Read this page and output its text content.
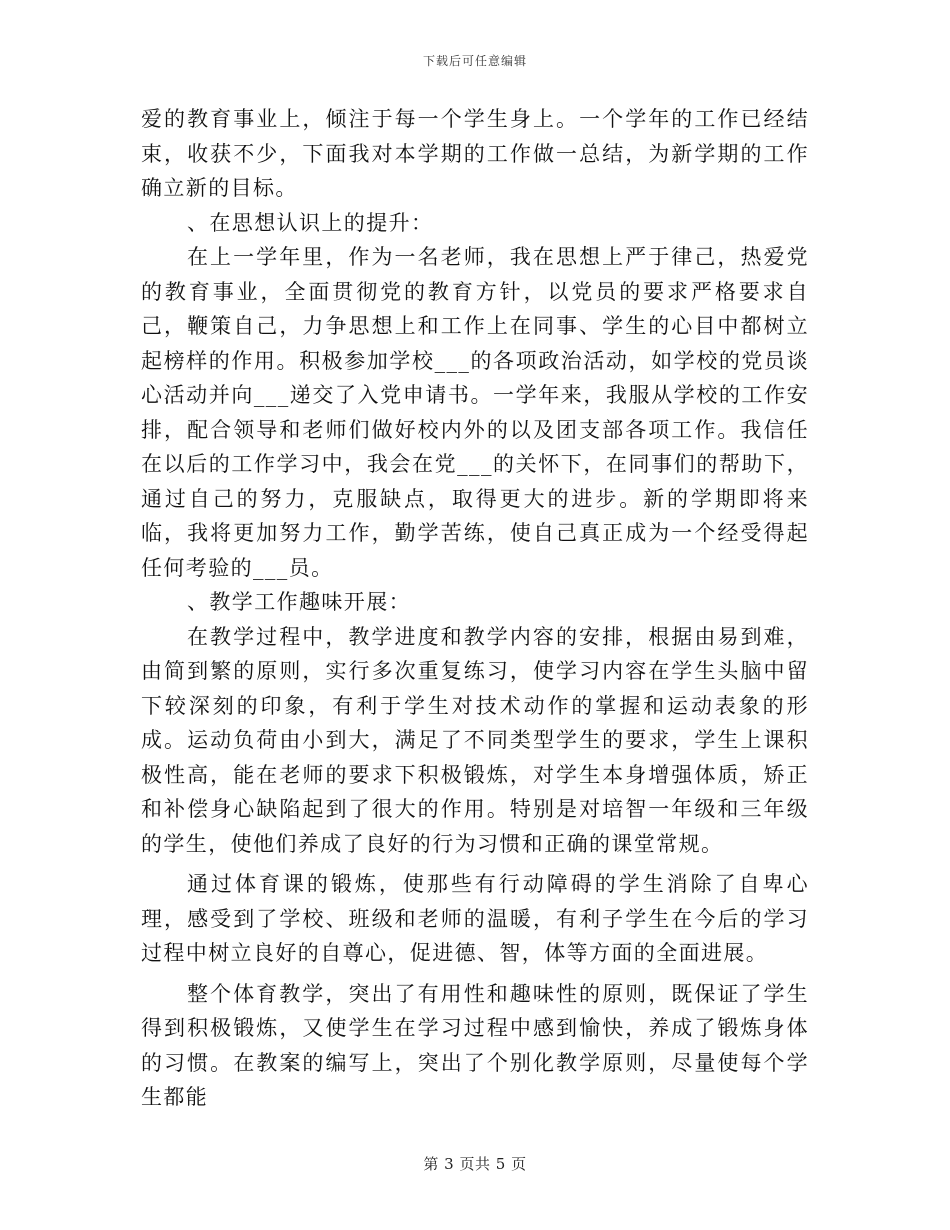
下载后可任意编辑

爱的教育事业上，倾注于每一个学生身上。一个学年的工作已经结束，收获不少，下面我对本学期的工作做一总结，为新学期的工作确立新的目标。

、在思想认识上的提升：

在上一学年里，作为一名老师，我在思想上严于律己，热爱党的教育事业，全面贯彻党的教育方针，以党员的要求严格要求自己，鞭策自己，力争思想上和工作上在同事、学生的心目中都树立起榜样的作用。积极参加学校___的各项政治活动，如学校的党员谈心活动并向___递交了入党申请书。一学年来，我服从学校的工作安排，配合领导和老师们做好校内外的以及团支部各项工作。我信任在以后的工作学习中，我会在党___的关怀下，在同事们的帮助下，通过自己的努力，克服缺点，取得更大的进步。新的学期即将来临，我将更加努力工作，勤学苦练，使自己真正成为一个经受得起任何考验的___员。

、教学工作趣味开展：

在教学过程中，教学进度和教学内容的安排，根据由易到难，由简到繁的原则，实行多次重复练习，使学习内容在学生头脑中留下较深刻的印象，有利于学生对技术动作的掌握和运动表象的形成。运动负荷由小到大，满足了不同类型学生的要求，学生上课积极性高，能在老师的要求下积极锻炼，对学生本身增强体质，矫正和补偿身心缺陷起到了很大的作用。特别是对培智一年级和三年级的学生，使他们养成了良好的行为习惯和正确的课堂常规。

通过体育课的锻炼，使那些有行动障碍的学生消除了自卑心理，感受到了学校、班级和老师的温暖，有利子学生在今后的学习过程中树立良好的自尊心，促进德、智，体等方面的全面进展。

整个体育教学，突出了有用性和趣味性的原则，既保证了学生得到积极锻炼，又使学生在学习过程中感到愉快，养成了锻炼身体的习惯。在教案的编写上，突出了个别化教学原则，尽量使每个学生都能

第 3 页共 5 页
